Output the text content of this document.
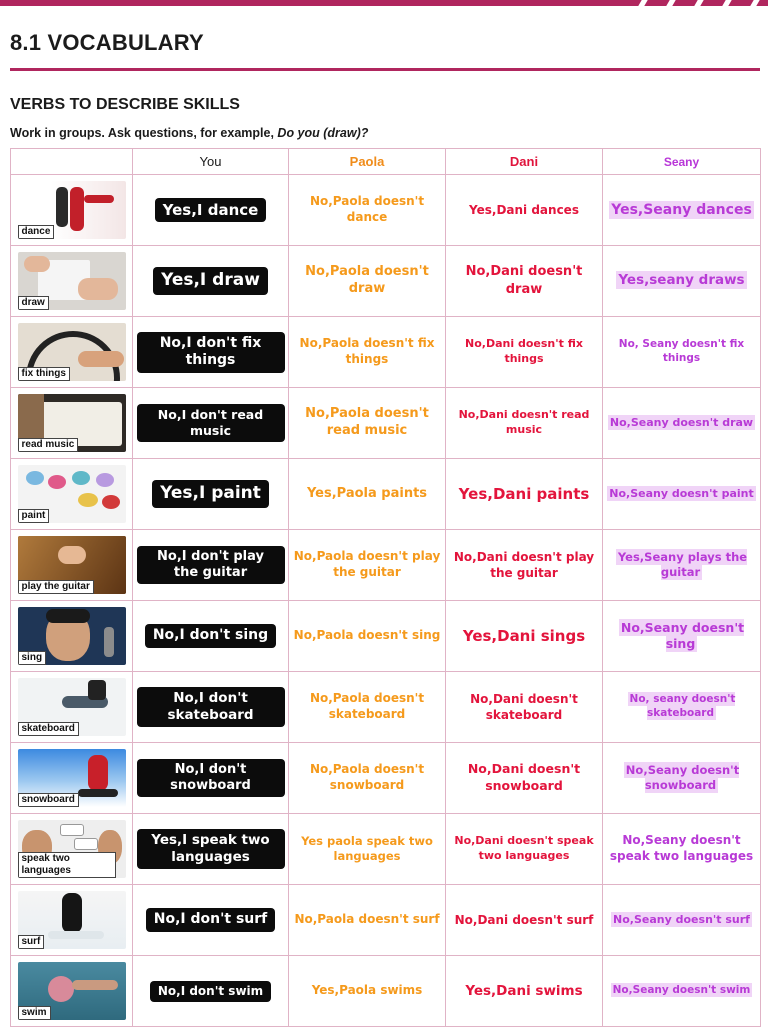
8.1 VOCABULARY
VERBS TO DESCRIBE SKILLS
Work in groups. Ask questions, for example, Do you (draw)?
	You	Paola	Dani	Seany

dance	Yes,I dance	No,Paola doesn't dance	Yes,Dani dances	Yes,Seany dances

draw	Yes,I draw	No,Paola doesn't draw	No,Dani doesn't draw	Yes,seany draws

fix things	No,I don't fix things	No,Paola doesn't fix things	No,Dani doesn't fix things	No, Seany doesn't fix things

read music	No,I don't read music	No,Paola doesn't read music	No,Dani doesn't read music	No,Seany doesn't draw

paint	Yes,I paint	Yes,Paola paints	Yes,Dani paints	No,Seany doesn't paint

play the guitar	No,I don't play the guitar	No,Paola doesn't play the guitar	No,Dani doesn't play the guitar	Yes,Seany plays the guitar

sing	No,I don't sing	No,Paola doesn't sing	Yes,Dani sings	No,Seany doesn't sing

skateboard	No,I don't skateboard	No,Paola doesn't skateboard	No,Dani doesn't skateboard	No, seany doesn't skateboard

snowboard	No,I don't snowboard	No,Paola doesn't snowboard	No,Dani doesn't snowboard	No,Seany doesn't snowboard

speak two languages	Yes,I speak two languages	Yes paola speak two languages	No,Dani doesn't speak two languages	No,Seany doesn't speak two languages

surf	No,I don't surf	No,Paola doesn't surf	No,Dani doesn't surf	No,Seany doesn't surf

swim	No,I don't swim	Yes,Paola swims	Yes,Dani swims	No,Seany doesn't swim
